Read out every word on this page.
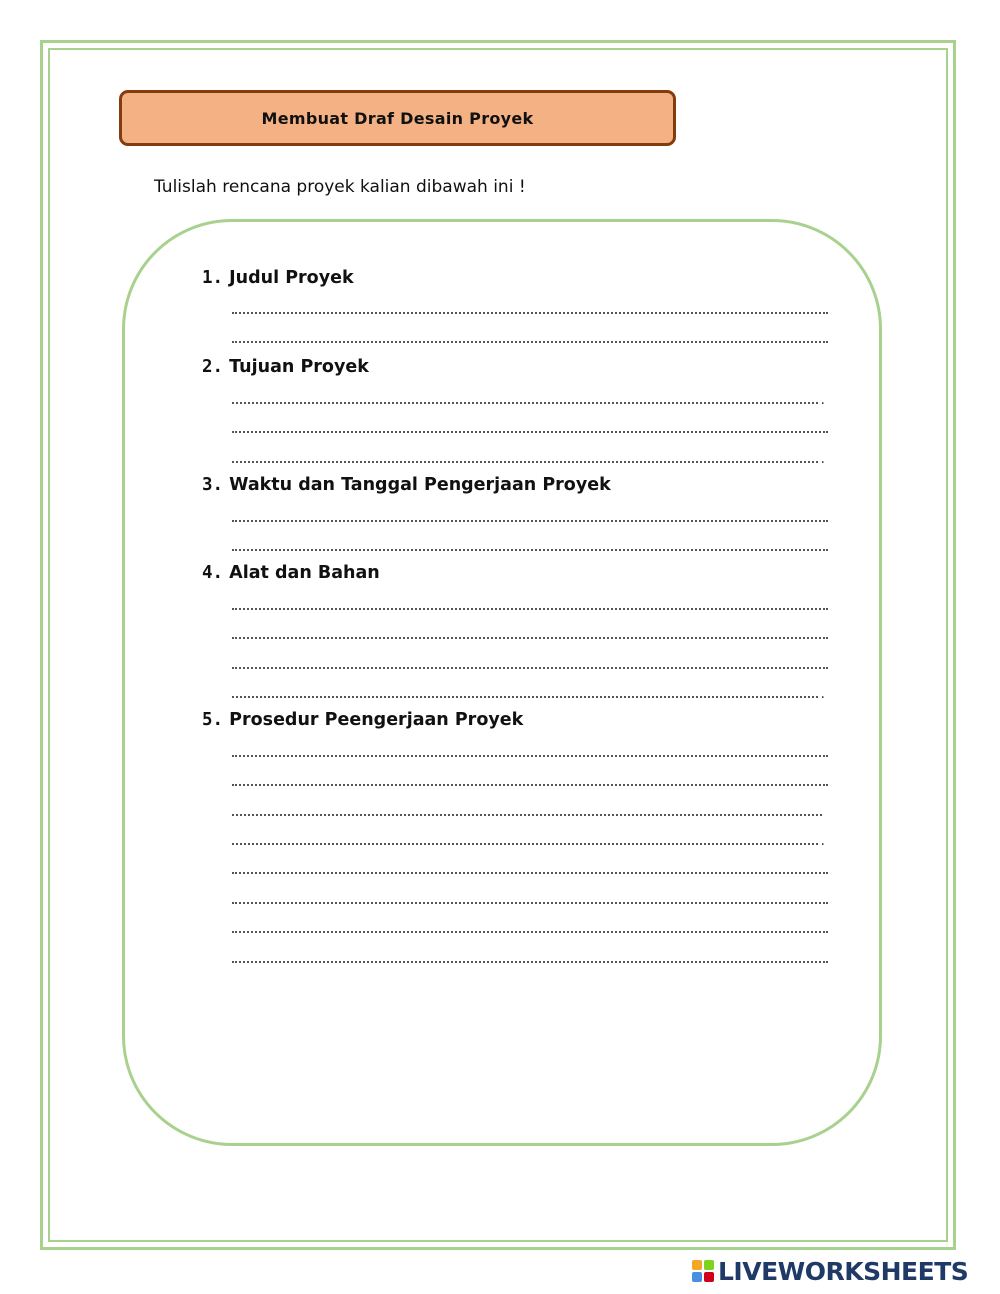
Membuat Draf Desain Proyek
Tulislah rencana proyek kalian dibawah ini !
1. Judul Proyek
2. Tujuan Proyek
.
.
3. Waktu dan Tanggal Pengerjaan Proyek
4. Alat dan Bahan
.
5. Prosedur Peengerjaan Proyek
.
LIVEWORKSHEETS
